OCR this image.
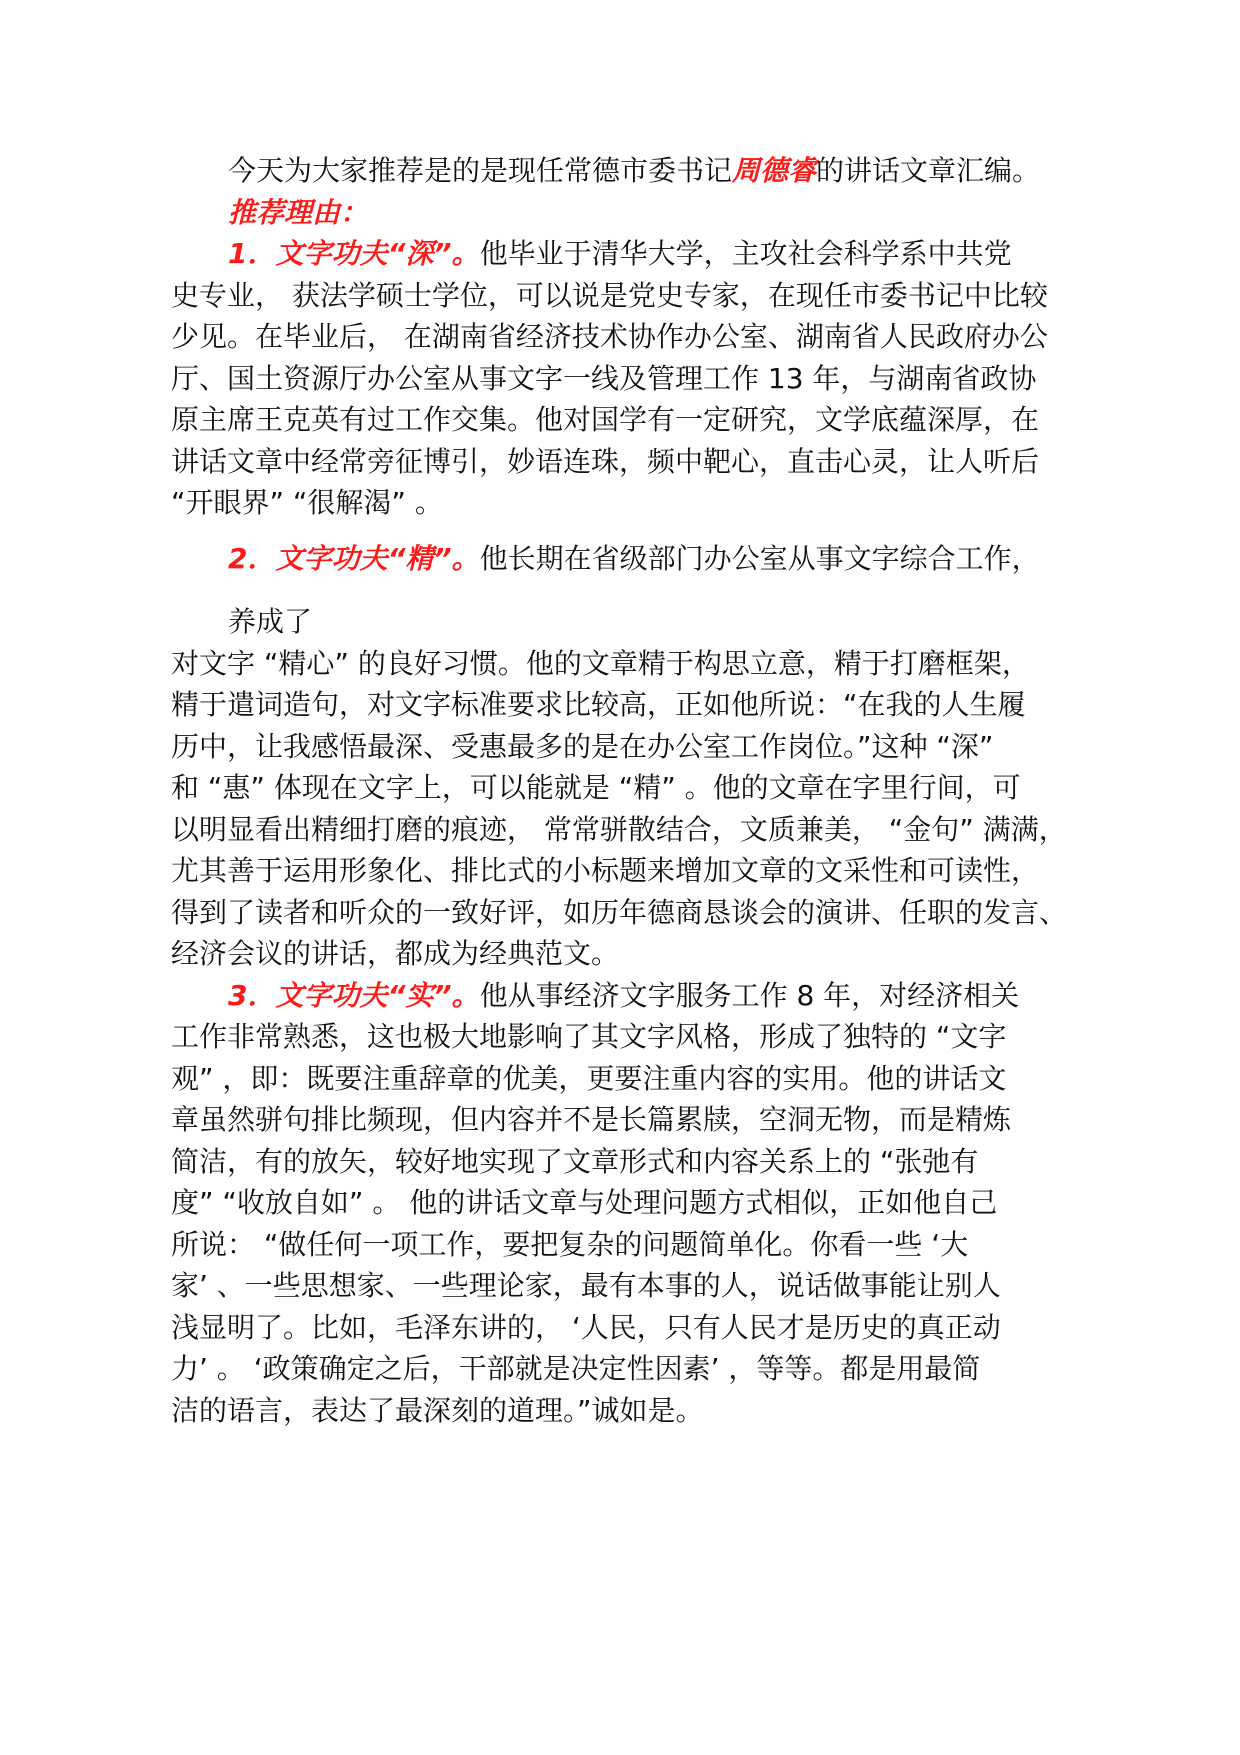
今天为大家推荐是的是现任常德市委书记周德睿的讲话文章汇编。
推荐理由：
1．文字功夫“深”。他毕业于清华大学，主攻社会科学系中共党
史专业， 获法学硕士学位，可以说是党史专家，在现任市委书记中比较
少见。在毕业后， 在湖南省经济技术协作办公室、湖南省人民政府办公
厅、国土资源厅办公室从事文字一线及管理工作 13 年，与湖南省政协
原主席王克英有过工作交集。他对国学有一定研究，文学底蕴深厚，在
讲话文章中经常旁征博引，妙语连珠，频中靶心，直击心灵，让人听后
“开眼界” “很解渴” 。
2．文字功夫“精”。他长期在省级部门办公室从事文字综合工作，
养成了
对文字 “精心” 的良好习惯。他的文章精于构思立意，精于打磨框架，
精于遣词造句，对文字标准要求比较高，正如他所说：“在我的人生履
历中，让我感悟最深、受惠最多的是在办公室工作岗位。”这种 “深”
和 “惠” 体现在文字上，可以能就是 “精” 。他的文章在字里行间，可
以明显看出精细打磨的痕迹， 常常骈散结合，文质兼美， “金句” 满满，
尤其善于运用形象化、排比式的小标题来增加文章的文采性和可读性，
得到了读者和听众的一致好评，如历年德商恳谈会的演讲、任职的发言、
经济会议的讲话，都成为经典范文。
3．文字功夫“实”。他从事经济文字服务工作 8 年，对经济相关
工作非常熟悉，这也极大地影响了其文字风格，形成了独特的 “文字
观” ，即：既要注重辞章的优美，更要注重内容的实用。他的讲话文
章虽然骈句排比频现，但内容并不是长篇累牍，空洞无物，而是精炼
简洁，有的放矢，较好地实现了文章形式和内容关系上的 “张弛有
度” “收放自如” 。 他的讲话文章与处理问题方式相似，正如他自己
所说： “做任何一项工作，要把复杂的问题简单化。你看一些 ‘大
家’ 、一些思想家、一些理论家，最有本事的人，说话做事能让别人
浅显明了。比如，毛泽东讲的， ‘人民，只有人民才是历史的真正动
力’ 。 ‘政策确定之后，干部就是决定性因素’ ，等等。都是用最简
洁的语言，表达了最深刻的道理。”诚如是。
